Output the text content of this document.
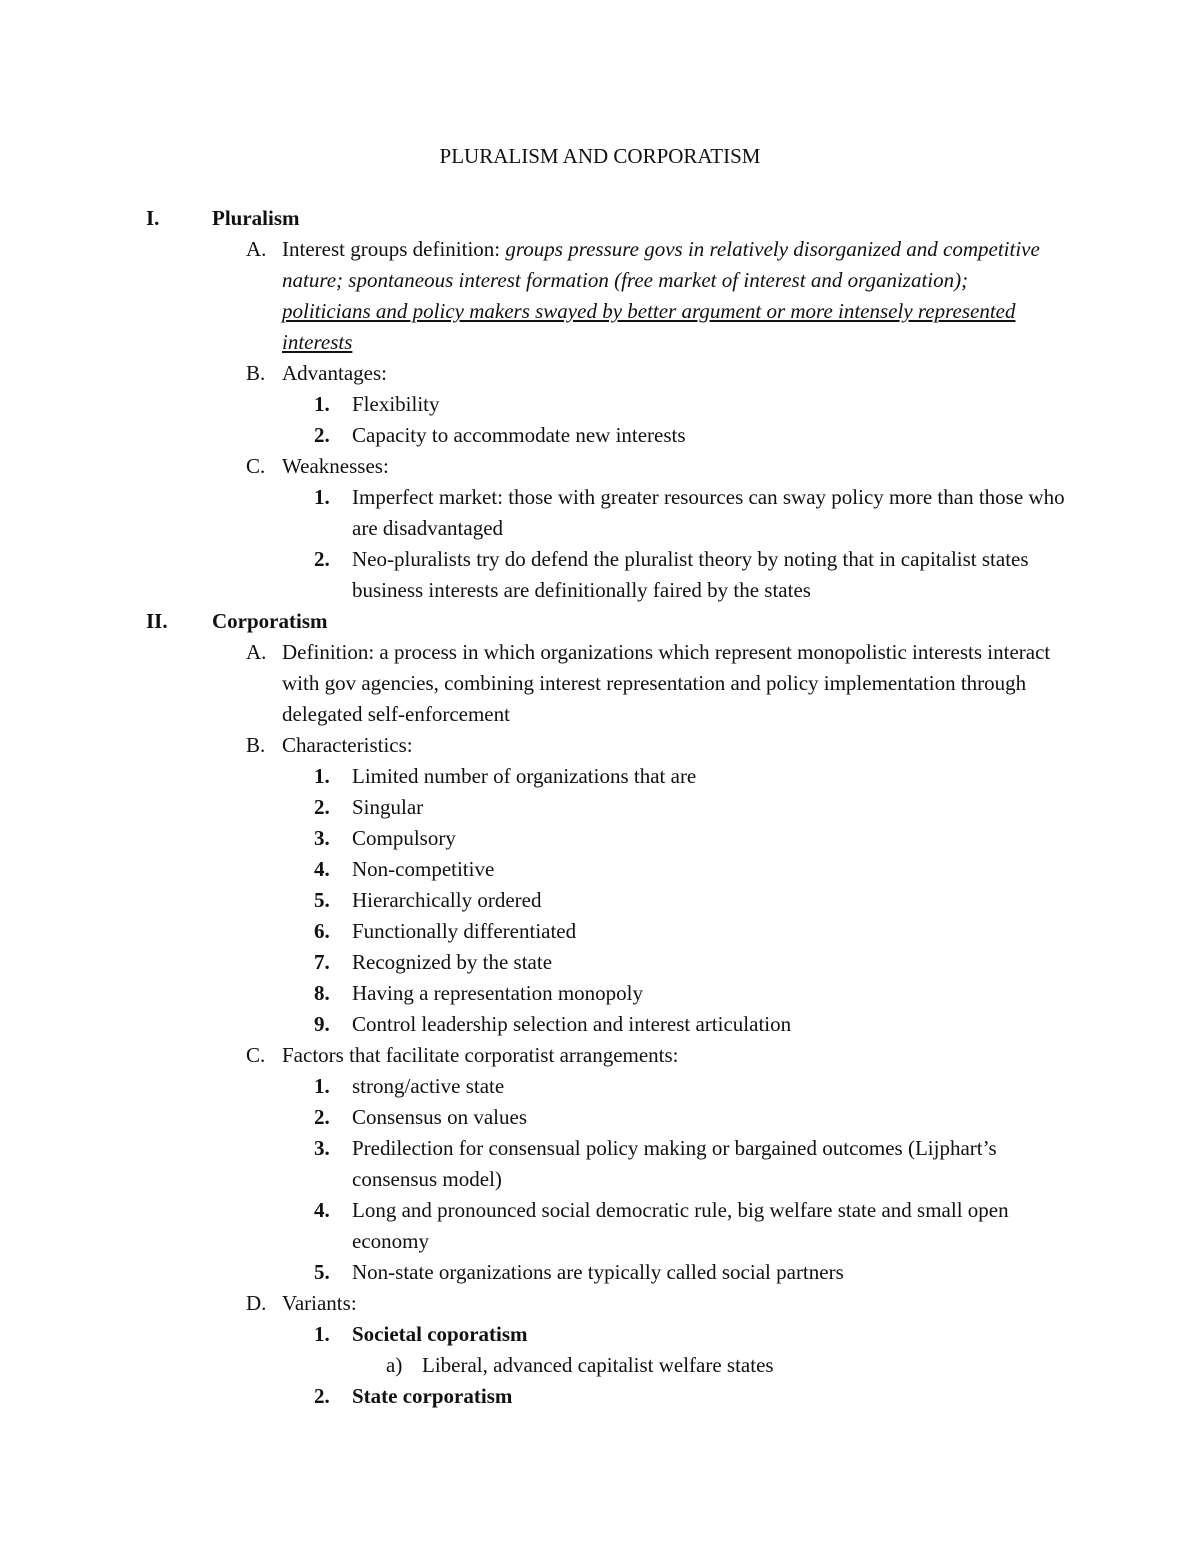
PLURALISM AND CORPORATISM
I.	Pluralism
A. Interest groups definition: groups pressure govs in relatively disorganized and competitive nature; spontaneous interest formation (free market of interest and organization); politicians and policy makers swayed by better argument or more intensely represented interests
B. Advantages:
1. Flexibility
2. Capacity to accommodate new interests
C. Weaknesses:
1. Imperfect market: those with greater resources can sway policy more than those who are disadvantaged
2. Neo-pluralists try do defend the pluralist theory by noting that in capitalist states business interests are definitionally faired by the states
II. Corporatism
A. Definition: a process in which organizations which represent monopolistic interests interact with gov agencies, combining interest representation and policy implementation through delegated self-enforcement
B. Characteristics:
1. Limited number of organizations that are
2. Singular
3. Compulsory
4. Non-competitive
5. Hierarchically ordered
6. Functionally differentiated
7. Recognized by the state
8. Having a representation monopoly
9. Control leadership selection and interest articulation
C. Factors that facilitate corporatist arrangements:
1. strong/active state
2. Consensus on values
3. Predilection for consensual policy making or bargained outcomes (Lijphart’s consensus model)
4. Long and pronounced social democratic rule, big welfare state and small open economy
5. Non-state organizations are typically called social partners
D. Variants:
1. Societal coporatism
a) Liberal, advanced capitalist welfare states
2. State corporatism
